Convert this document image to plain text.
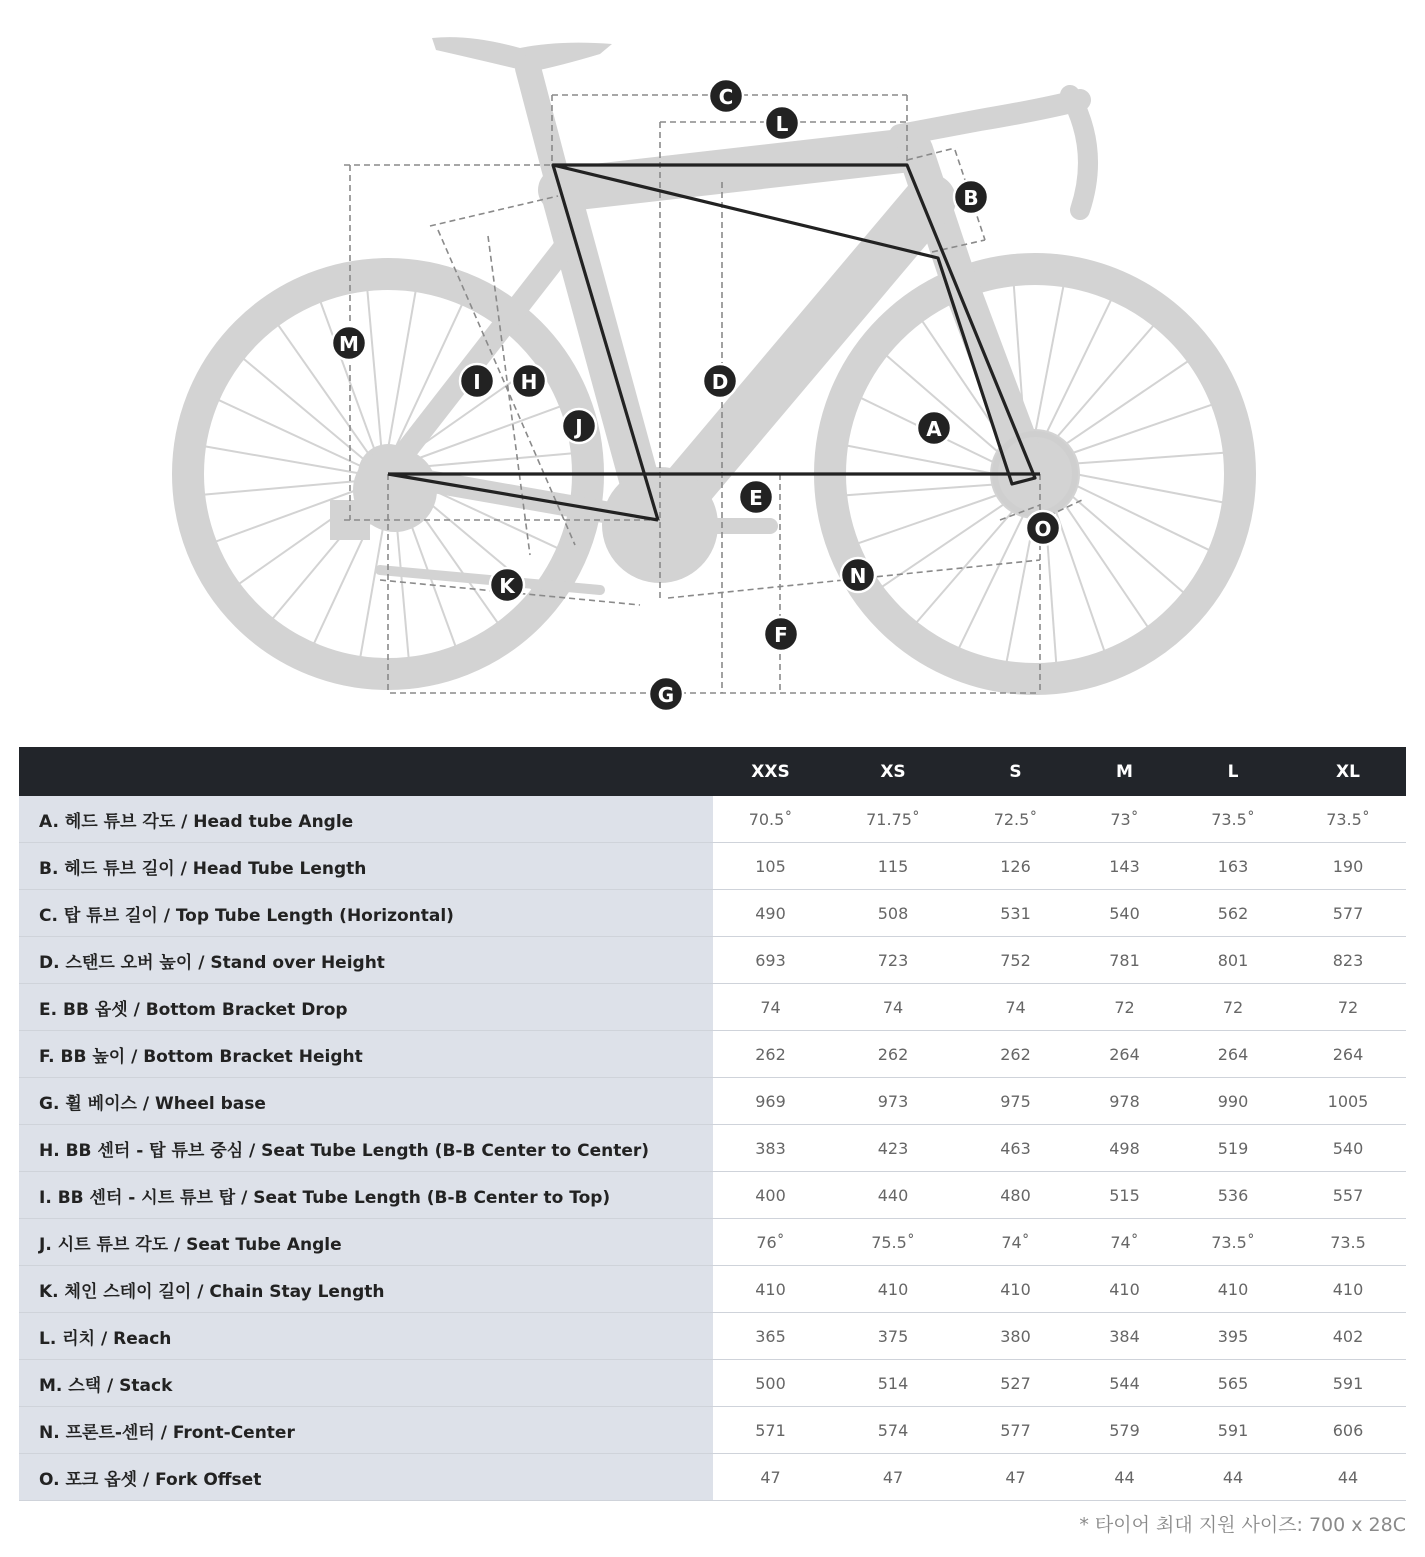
A
B
C
D
E
F
G
H
I
J
K
L
M
N
O
	XXS	XS	S	M	L	XL
A. 헤드 튜브 각도 / Head tube Angle	70.5˚	71.75˚	72.5˚	73˚	73.5˚	73.5˚
B. 헤드 튜브 길이 / Head Tube Length	105	115	126	143	163	190
C. 탑 튜브 길이 / Top Tube Length (Horizontal)	490	508	531	540	562	577
D. 스탠드 오버 높이 / Stand over Height	693	723	752	781	801	823
E. BB 옵셋 / Bottom Bracket Drop	74	74	74	72	72	72
F. BB 높이 / Bottom Bracket Height	262	262	262	264	264	264
G. 휠 베이스 / Wheel base	969	973	975	978	990	1005
H. BB 센터 - 탑 튜브 중심 / Seat Tube Length (B-B Center to Center)	383	423	463	498	519	540
I. BB 센터 - 시트 튜브 탑 / Seat Tube Length (B-B Center to Top)	400	440	480	515	536	557
J. 시트 튜브 각도 / Seat Tube Angle	76˚	75.5˚	74˚	74˚	73.5˚	73.5
K. 체인 스테이 길이 / Chain Stay Length	410	410	410	410	410	410
L. 리치 / Reach	365	375	380	384	395	402
M. 스택 / Stack	500	514	527	544	565	591
N. 프론트-센터 / Front-Center	571	574	577	579	591	606
O. 포크 옵셋 / Fork Offset	47	47	47	44	44	44
* 타이어 최대 지원 사이즈: 700 x 28C
